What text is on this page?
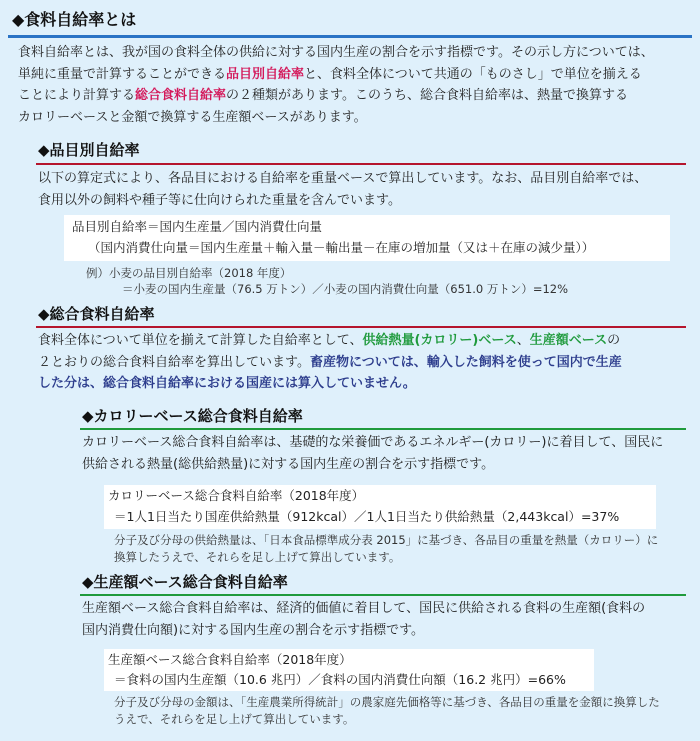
◆食料自給率とは
食料自給率とは、我が国の食料全体の供給に対する国内生産の割合を示す指標です。その示し方については、
単純に重量で計算することができる品目別自給率と、食料全体について共通の「ものさし」で単位を揃える
ことにより計算する総合食料自給率の２種類があります。このうち、総合食料自給率は、熱量で換算する
カロリーベースと金額で換算する生産額ベースがあります。
◆品目別自給率
以下の算定式により、各品目における自給率を重量ベースで算出しています。なお、品目別自給率では、
食用以外の飼料や種子等に仕向けられた重量を含んでいます。
品目別自給率＝国内生産量／国内消費仕向量
（国内消費仕向量＝国内生産量＋輸入量－輸出量－在庫の増加量（又は＋在庫の減少量））
例）小麦の品目別自給率（2018 年度）
＝小麦の国内生産量（76.5 万トン）／小麦の国内消費仕向量（651.0 万トン）=12%
◆総合食料自給率
食料全体について単位を揃えて計算した自給率として、供給熱量(カロリー)ベース、生産額ベースの
２とおりの総合食料自給率を算出しています。畜産物については、輸入した飼料を使って国内で生産
した分は、総合食料自給率における国産には算入していません。
◆カロリーベース総合食料自給率
カロリーベース総合食料自給率は、基礎的な栄養価であるエネルギー(カロリー)に着目して、国民に
供給される熱量(総供給熱量)に対する国内生産の割合を示す指標です。
カロリーベース総合食料自給率（2018年度）
＝1人1日当たり国産供給熱量（912kcal）／1人1日当たり供給熱量（2,443kcal）=37%
分子及び分母の供給熱量は、「日本食品標準成分表 2015」に基づき、各品目の重量を熱量（カロリー）に
換算したうえで、それらを足し上げて算出しています。
◆生産額ベース総合食料自給率
生産額ベース総合食料自給率は、経済的価値に着目して、国民に供給される食料の生産額(食料の
国内消費仕向額)に対する国内生産の割合を示す指標です。
生産額ベース総合食料自給率（2018年度）
＝食料の国内生産額（10.6 兆円）／食料の国内消費仕向額（16.2 兆円）=66%
分子及び分母の金額は、「生産農業所得統計」の農家庭先価格等に基づき、各品目の重量を金額に換算した
うえで、それらを足し上げて算出しています。
